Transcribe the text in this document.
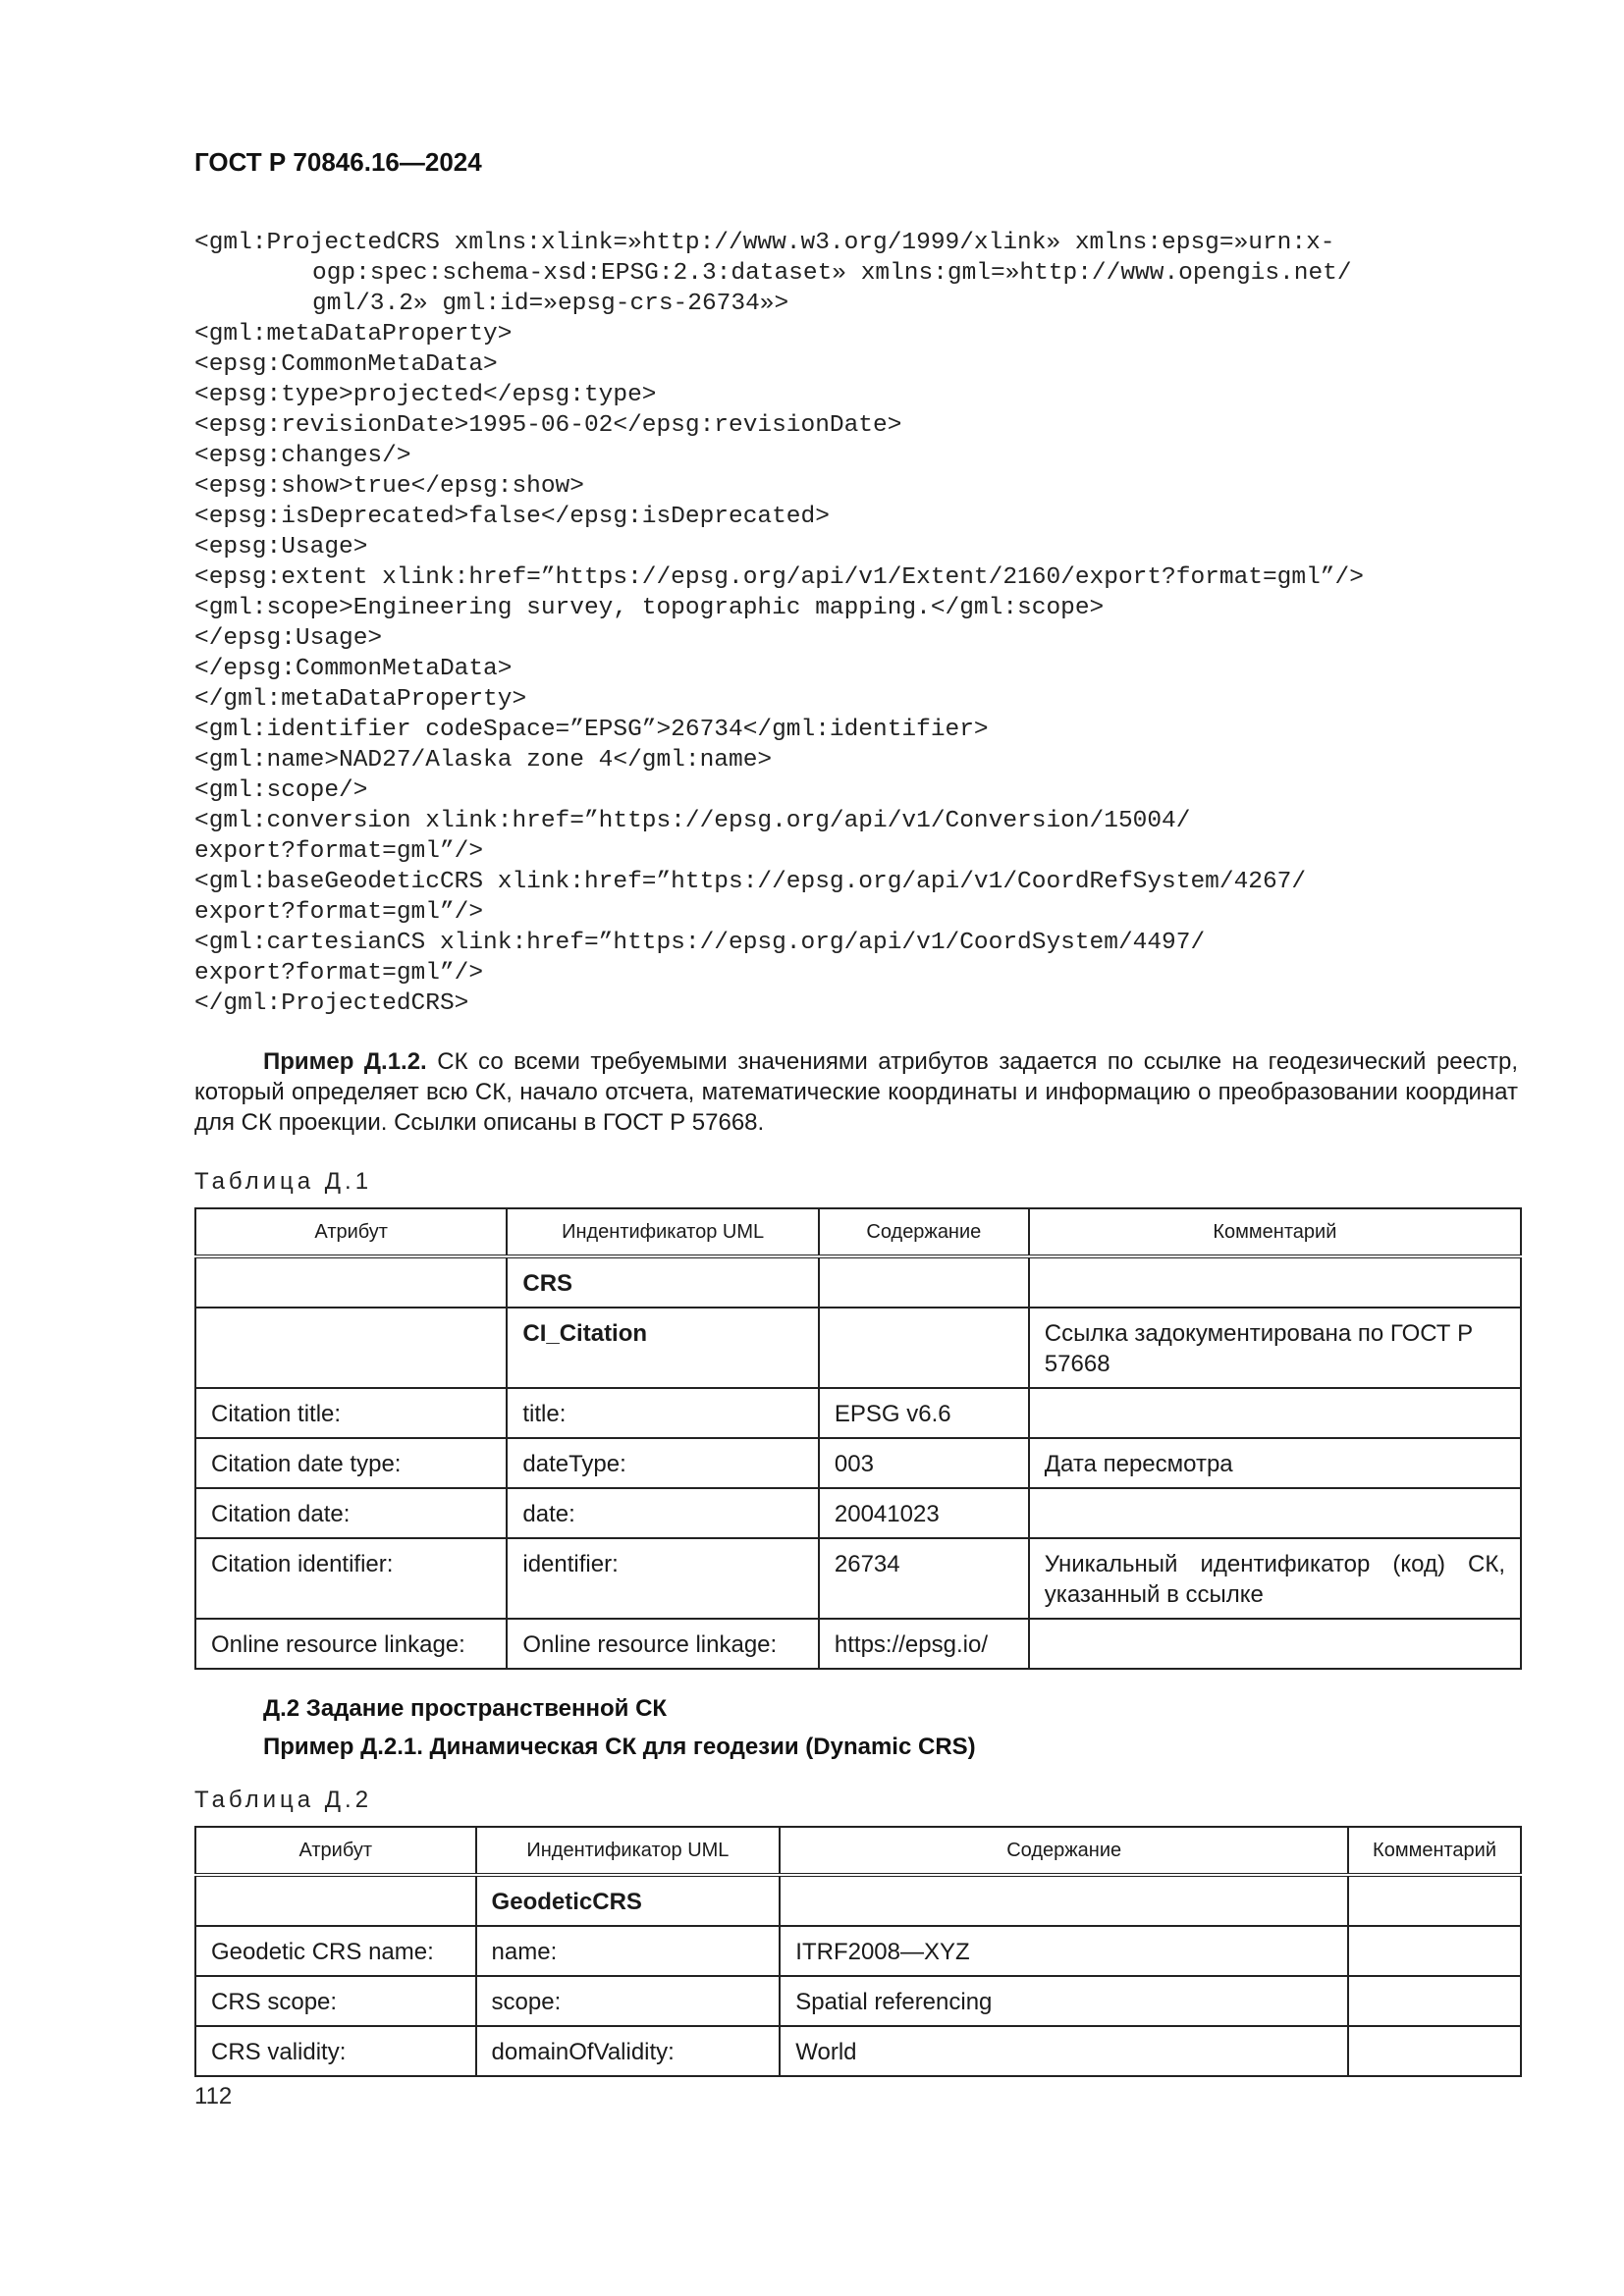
ГОСТ Р 70846.16—2024
<gml:ProjectedCRS xmlns:xlink=»http://www.w3.org/1999/xlink» xmlns:epsg=»urn:x-
ogp:spec:schema-xsd:EPSG:2.3:dataset» xmlns:gml=»http://www.opengis.net/
gml/3.2» gml:id=»epsg-crs-26734»>
<gml:metaDataProperty>
<epsg:CommonMetaData>
<epsg:type>projected</epsg:type>
<epsg:revisionDate>1995-06-02</epsg:revisionDate>
<epsg:changes/>
<epsg:show>true</epsg:show>
<epsg:isDeprecated>false</epsg:isDeprecated>
<epsg:Usage>
<epsg:extent xlink:href=”https://epsg.org/api/v1/Extent/2160/export?format=gml”/>
<gml:scope>Engineering survey, topographic mapping.</gml:scope>
</epsg:Usage>
</epsg:CommonMetaData>
</gml:metaDataProperty>
<gml:identifier codeSpace=”EPSG”>26734</gml:identifier>
<gml:name>NAD27/Alaska zone 4</gml:name>
<gml:scope/>
<gml:conversion xlink:href=”https://epsg.org/api/v1/Conversion/15004/
export?format=gml”/>
<gml:baseGeodeticCRS xlink:href=”https://epsg.org/api/v1/CoordRefSystem/4267/
export?format=gml”/>
<gml:cartesianCS xlink:href=”https://epsg.org/api/v1/CoordSystem/4497/
export?format=gml”/>
</gml:ProjectedCRS>
Пример Д.1.2. СК со всеми требуемыми значениями атрибутов задается по ссылке на геодезический реестр, который определяет всю СК, начало отсчета, математические координаты и информацию о преобразовании координат для СК проекции. Ссылки описаны в ГОСТ Р 57668.
Таблица Д.1
Атрибут	Индентификатор UML	Содержание	Комментарий

	CRS		

	CI_Citation		Ссылка задокументирована по ГОСТ Р 57668

Citation title:	title:	EPSG v6.6	

Citation date type:	dateType:	003	Дата пересмотра

Citation date:	date:	20041023	

Citation identifier:	identifier:	26734	Уникальный идентификатор (код) СК, указанный в ссылке

Online resource linkage:	Online resource linkage:	https://epsg.io/	

Д.2 Задание пространственной СК
Пример Д.2.1. Динамическая СК для геодезии (Dynamic CRS)
Таблица Д.2
Атрибут	Индентификатор UML	Содержание	Комментарий

	GeodeticCRS		

Geodetic CRS name:	name:	ITRF2008—XYZ	

CRS scope:	scope:	Spatial referencing	

CRS validity:	domainOfValidity:	World	

112
